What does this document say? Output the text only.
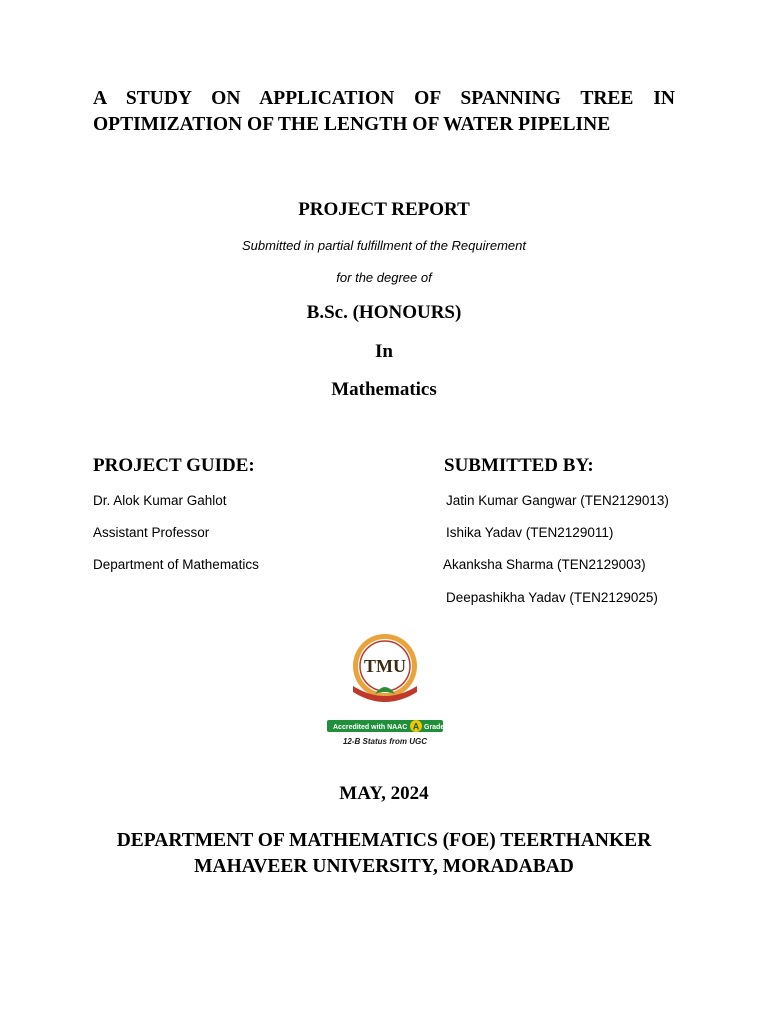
A STUDY ON APPLICATION OF SPANNING TREE IN
OPTIMIZATION OF THE LENGTH OF WATER PIPELINE
PROJECT REPORT
Submitted in partial fulfillment of the Requirement
for the degree of
B.Sc. (HONOURS)
In
Mathematics
PROJECT GUIDE:	SUBMITTED BY:
Dr. Alok Kumar Gahlot
Assistant Professor
Department of Mathematics
Jatin Kumar Gangwar (TEN2129013)
Ishika Yadav (TEN2129011)
Akanksha Sharma (TEN2129003)
Deepashikha Yadav (TEN2129025)
TMU
Accredited with NAAC A Grade
12-B Status from UGC
MAY, 2024
DEPARTMENT OF MATHEMATICS (FOE) TEERTHANKER
MAHAVEER UNIVERSITY, MORADABAD
